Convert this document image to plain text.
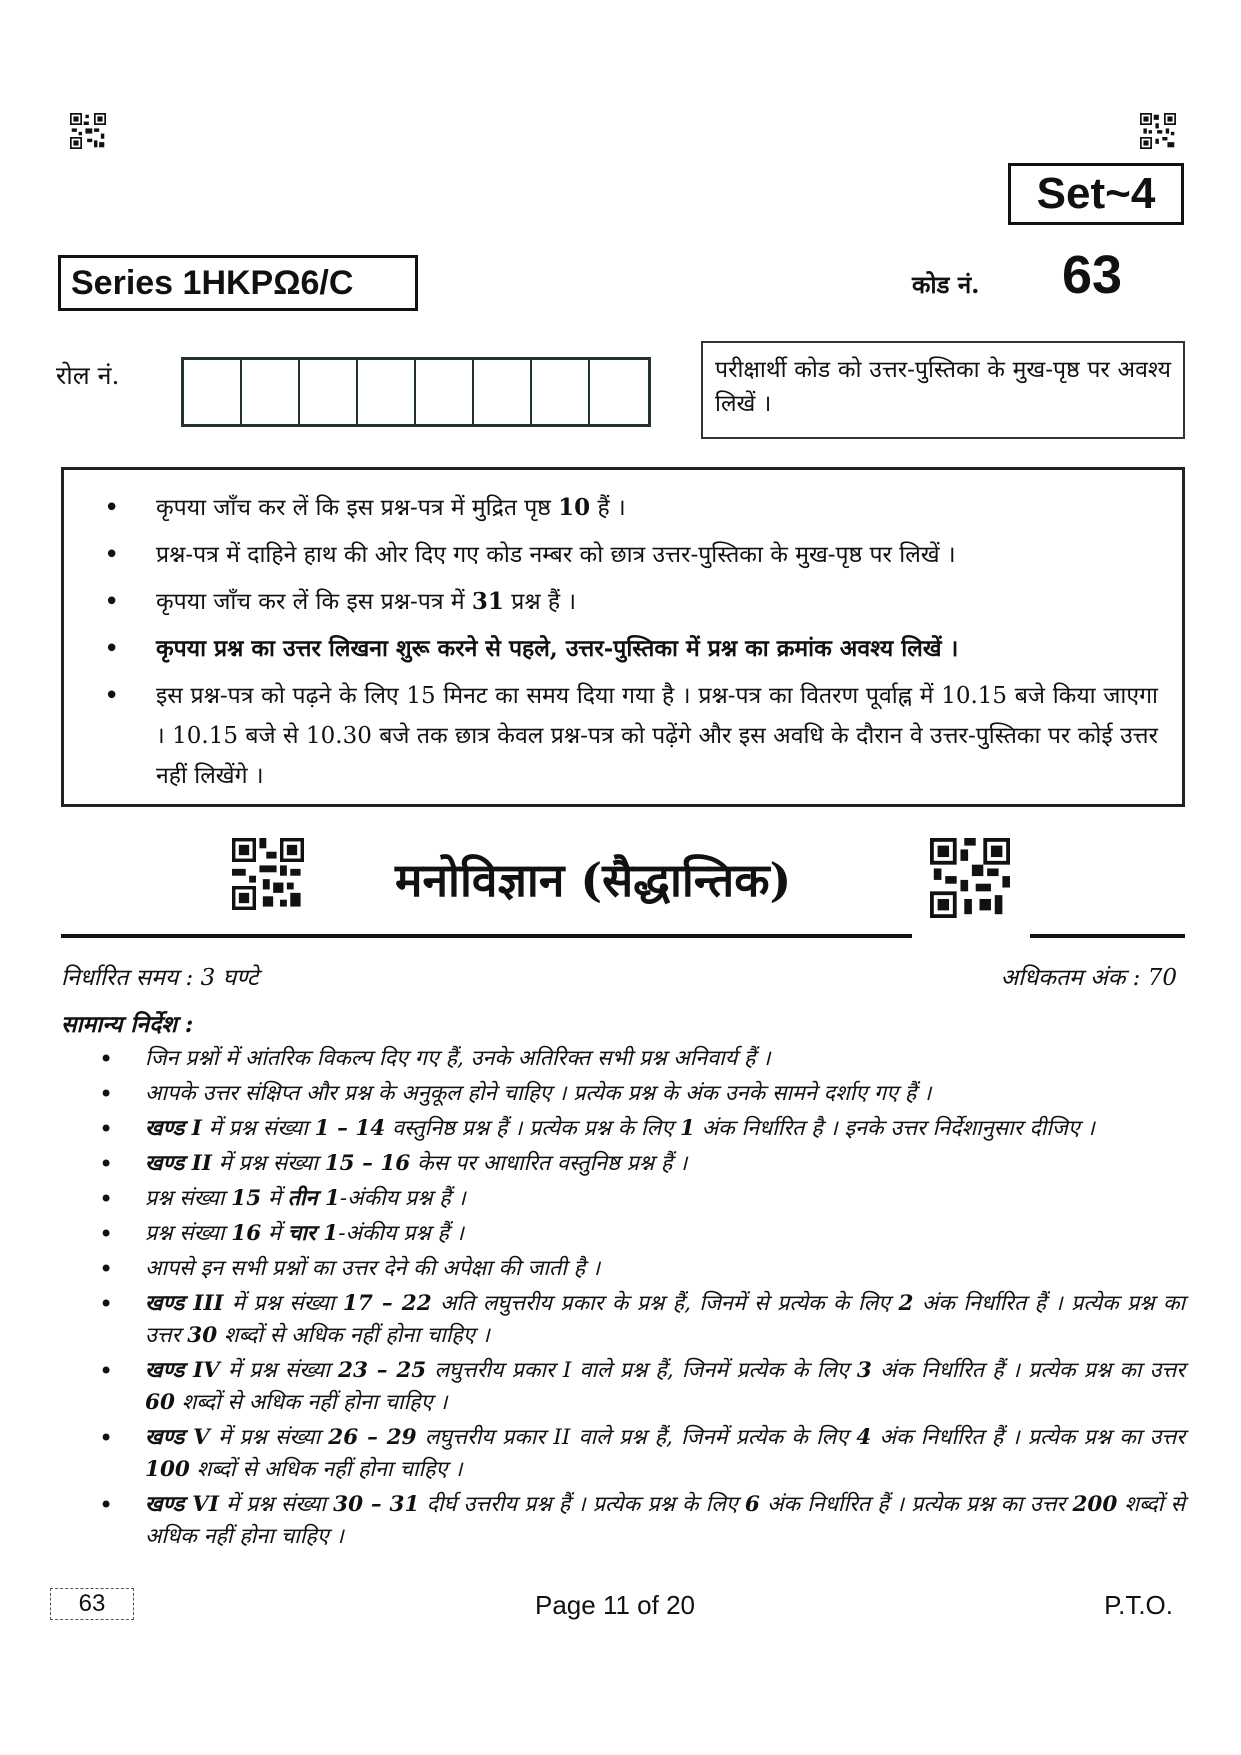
Set~4
Series 1HKPΩ6/C	कोड नं. 63
रोल नं.	परीक्षार्थी कोड को उत्तर-पुस्तिका के मुख-पृष्ठ पर अवश्य लिखें ।
• कृपया जाँच कर लें कि इस प्रश्न-पत्र में मुद्रित पृष्ठ 10 हैं ।
• प्रश्न-पत्र में दाहिने हाथ की ओर दिए गए कोड नम्बर को छात्र उत्तर-पुस्तिका के मुख-पृष्ठ पर लिखें ।
• कृपया जाँच कर लें कि इस प्रश्न-पत्र में 31 प्रश्न हैं ।
• कृपया प्रश्न का उत्तर लिखना शुरू करने से पहले, उत्तर-पुस्तिका में प्रश्न का क्रमांक अवश्य लिखें ।
• इस प्रश्न-पत्र को पढ़ने के लिए 15 मिनट का समय दिया गया है । प्रश्न-पत्र का वितरण पूर्वाह्न में 10.15 बजे किया जाएगा । 10.15 बजे से 10.30 बजे तक छात्र केवल प्रश्न-पत्र को पढ़ेंगे और इस अवधि के दौरान वे उत्तर-पुस्तिका पर कोई उत्तर नहीं लिखेंगे ।
मनोविज्ञान (सैद्धान्तिक)
निर्धारित समय : 3 घण्टे	अधिकतम अंक : 70
सामान्य निर्देश :
• जिन प्रश्नों में आंतरिक विकल्प दिए गए हैं, उनके अतिरिक्त सभी प्रश्न अनिवार्य हैं ।
• आपके उत्तर संक्षिप्त और प्रश्न के अनुकूल होने चाहिए । प्रत्येक प्रश्न के अंक उनके सामने दर्शाए गए हैं ।
• खण्ड I में प्रश्न संख्या 1 – 14 वस्तुनिष्ठ प्रश्न हैं । प्रत्येक प्रश्न के लिए 1 अंक निर्धारित है । इनके उत्तर निर्देशानुसार दीजिए ।
• खण्ड II में प्रश्न संख्या 15 – 16 केस पर आधारित वस्तुनिष्ठ प्रश्न हैं ।
• प्रश्न संख्या 15 में तीन 1-अंकीय प्रश्न हैं ।
• प्रश्न संख्या 16 में चार 1-अंकीय प्रश्न हैं ।
• आपसे इन सभी प्रश्नों का उत्तर देने की अपेक्षा की जाती है ।
• खण्ड III में प्रश्न संख्या 17 – 22 अति लघुत्तरीय प्रकार के प्रश्न हैं, जिनमें से प्रत्येक के लिए 2 अंक निर्धारित हैं । प्रत्येक प्रश्न का उत्तर 30 शब्दों से अधिक नहीं होना चाहिए ।
• खण्ड IV में प्रश्न संख्या 23 – 25 लघुत्तरीय प्रकार I वाले प्रश्न हैं, जिनमें प्रत्येक के लिए 3 अंक निर्धारित हैं । प्रत्येक प्रश्न का उत्तर 60 शब्दों से अधिक नहीं होना चाहिए ।
• खण्ड V में प्रश्न संख्या 26 – 29 लघुत्तरीय प्रकार II वाले प्रश्न हैं, जिनमें प्रत्येक के लिए 4 अंक निर्धारित हैं । प्रत्येक प्रश्न का उत्तर 100 शब्दों से अधिक नहीं होना चाहिए ।
• खण्ड VI में प्रश्न संख्या 30 – 31 दीर्घ उत्तरीय प्रश्न हैं । प्रत्येक प्रश्न के लिए 6 अंक निर्धारित हैं । प्रत्येक प्रश्न का उत्तर 200 शब्दों से अधिक नहीं होना चाहिए ।
63	Page 11 of 20	P.T.O.
